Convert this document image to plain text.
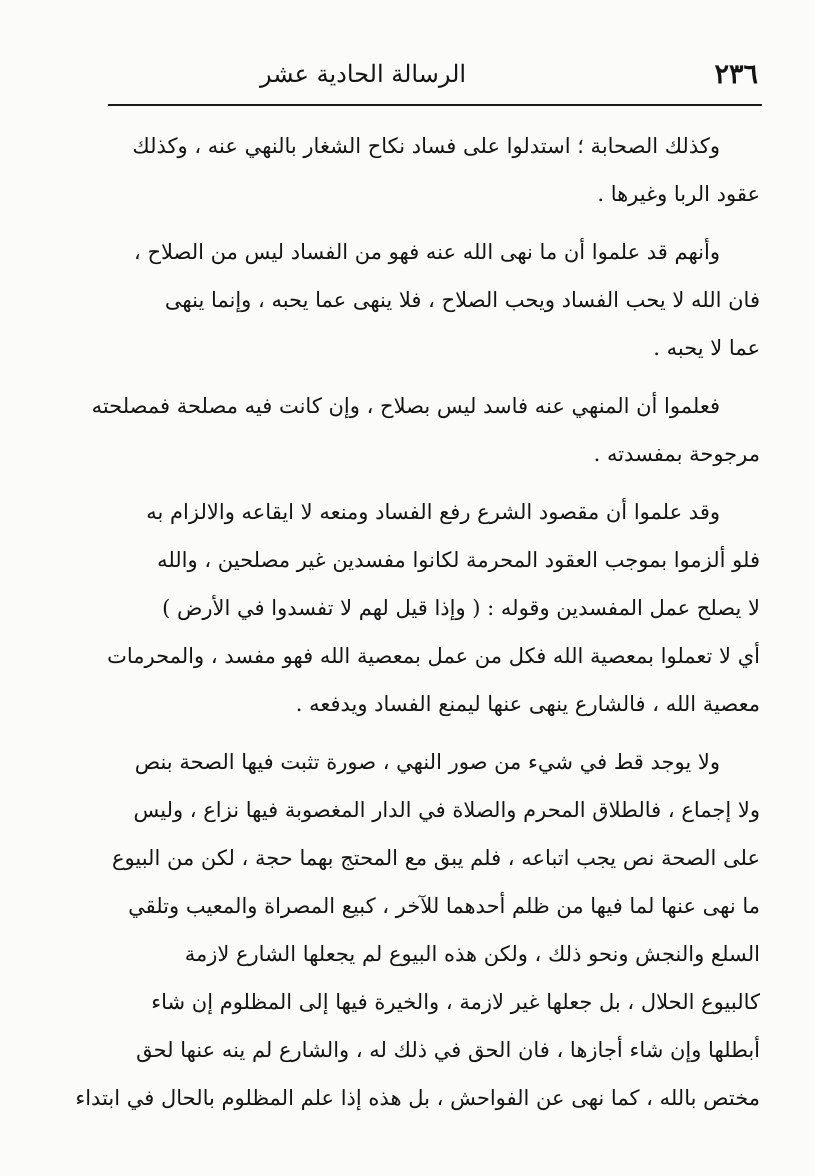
٢٣٦
الرسالة الحادية عشر

وكذلك الصحابة ؛ استدلوا على فساد نكاح الشغار بالنهي عنه ، وكذلك
عقود الربا وغيرها .

وأنهم قد علموا أن ما نهى الله عنه فهو من الفساد ليس من الصلاح ،
فان الله لا يحب الفساد ويحب الصلاح ، فلا ينهى عما يحبه ، وإنما ينهى
عما لا يحبه .

فعلموا أن المنهي عنه فاسد ليس بصلاح ، وإن كانت فيه مصلحة فمصلحته
مرجوحة بمفسدته .

وقد علموا أن مقصود الشرع رفع الفساد ومنعه لا ايقاعه والالزام به
فلو ألزموا بموجب العقود المحرمة لكانوا مفسدين غير مصلحين ، والله
لا يصلح عمل المفسدين وقوله : ( وإذا قيل لهم لا تفسدوا في الأرض )
أي لا تعملوا بمعصية الله فكل من عمل بمعصية الله فهو مفسد ، والمحرمات
معصية الله ، فالشارع ينهى عنها ليمنع الفساد ويدفعه .

ولا يوجد قط في شيء من صور النهي ، صورة تثبت فيها الصحة بنص
ولا إجماع ، فالطلاق المحرم والصلاة في الدار المغصوبة فيها نزاع ، وليس
على الصحة نص يجب اتباعه ، فلم يبق مع المحتج بهما حجة ، لكن من البيوع
ما نهى عنها لما فيها من ظلم أحدهما للآخر ، كبيع المصراة والمعيب وتلقي
السلع والنجش ونحو ذلك ، ولكن هذه البيوع لم يجعلها الشارع لازمة
كالبيوع الحلال ، بل جعلها غير لازمة ، والخيرة فيها إلى المظلوم إن شاء
أبطلها وإن شاء أجازها ، فان الحق في ذلك له ، والشارع لم ينه عنها لحق
مختص بالله ، كما نهى عن الفواحش ، بل هذه إذا علم المظلوم بالحال في ابتداء
